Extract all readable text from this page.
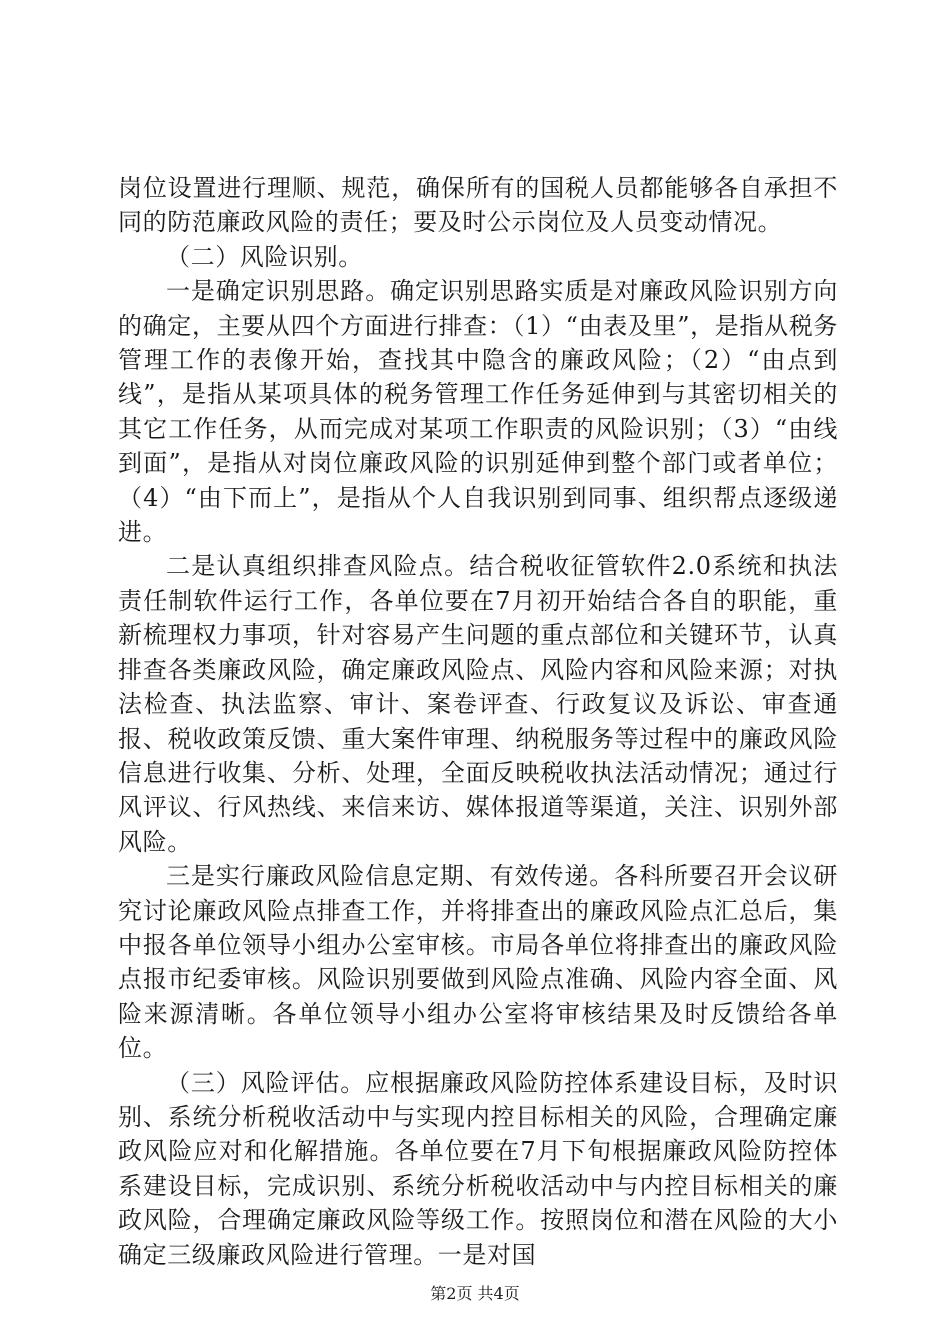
岗位设置进行理顺、规范，确保所有的国税人员都能够各自承担不同的防范廉政风险的责任；要及时公示岗位及人员变动情况。

（二）风险识别。

一是确定识别思路。确定识别思路实质是对廉政风险识别方向的确定，主要从四个方面进行排查：（1）“由表及里”，是指从税务管理工作的表像开始，查找其中隐含的廉政风险；（2）“由点到线”，是指从某项具体的税务管理工作任务延伸到与其密切相关的其它工作任务，从而完成对某项工作职责的风险识别；（3）“由线到面”，是指从对岗位廉政风险的识别延伸到整个部门或者单位；（4）“由下而上”，是指从个人自我识别到同事、组织帮点逐级递进。

二是认真组织排查风险点。结合税收征管软件2.0系统和执法责任制软件运行工作，各单位要在7月初开始结合各自的职能，重新梳理权力事项，针对容易产生问题的重点部位和关键环节，认真排查各类廉政风险，确定廉政风险点、风险内容和风险来源；对执法检查、执法监察、审计、案卷评查、行政复议及诉讼、审查通报、税收政策反馈、重大案件审理、纳税服务等过程中的廉政风险信息进行收集、分析、处理，全面反映税收执法活动情况；通过行风评议、行风热线、来信来访、媒体报道等渠道，关注、识别外部风险。

三是实行廉政风险信息定期、有效传递。各科所要召开会议研究讨论廉政风险点排查工作，并将排查出的廉政风险点汇总后，集中报各单位领导小组办公室审核。市局各单位将排查出的廉政风险点报市纪委审核。风险识别要做到风险点准确、风险内容全面、风险来源清晰。各单位领导小组办公室将审核结果及时反馈给各单位。

（三）风险评估。应根据廉政风险防控体系建设目标，及时识别、系统分析税收活动中与实现内控目标相关的风险，合理确定廉政风险应对和化解措施。各单位要在7月下旬根据廉政风险防控体系建设目标，完成识别、系统分析税收活动中与内控目标相关的廉政风险，合理确定廉政风险等级工作。按照岗位和潜在风险的大小确定三级廉政风险进行管理。一是对国

第2页 共4页
